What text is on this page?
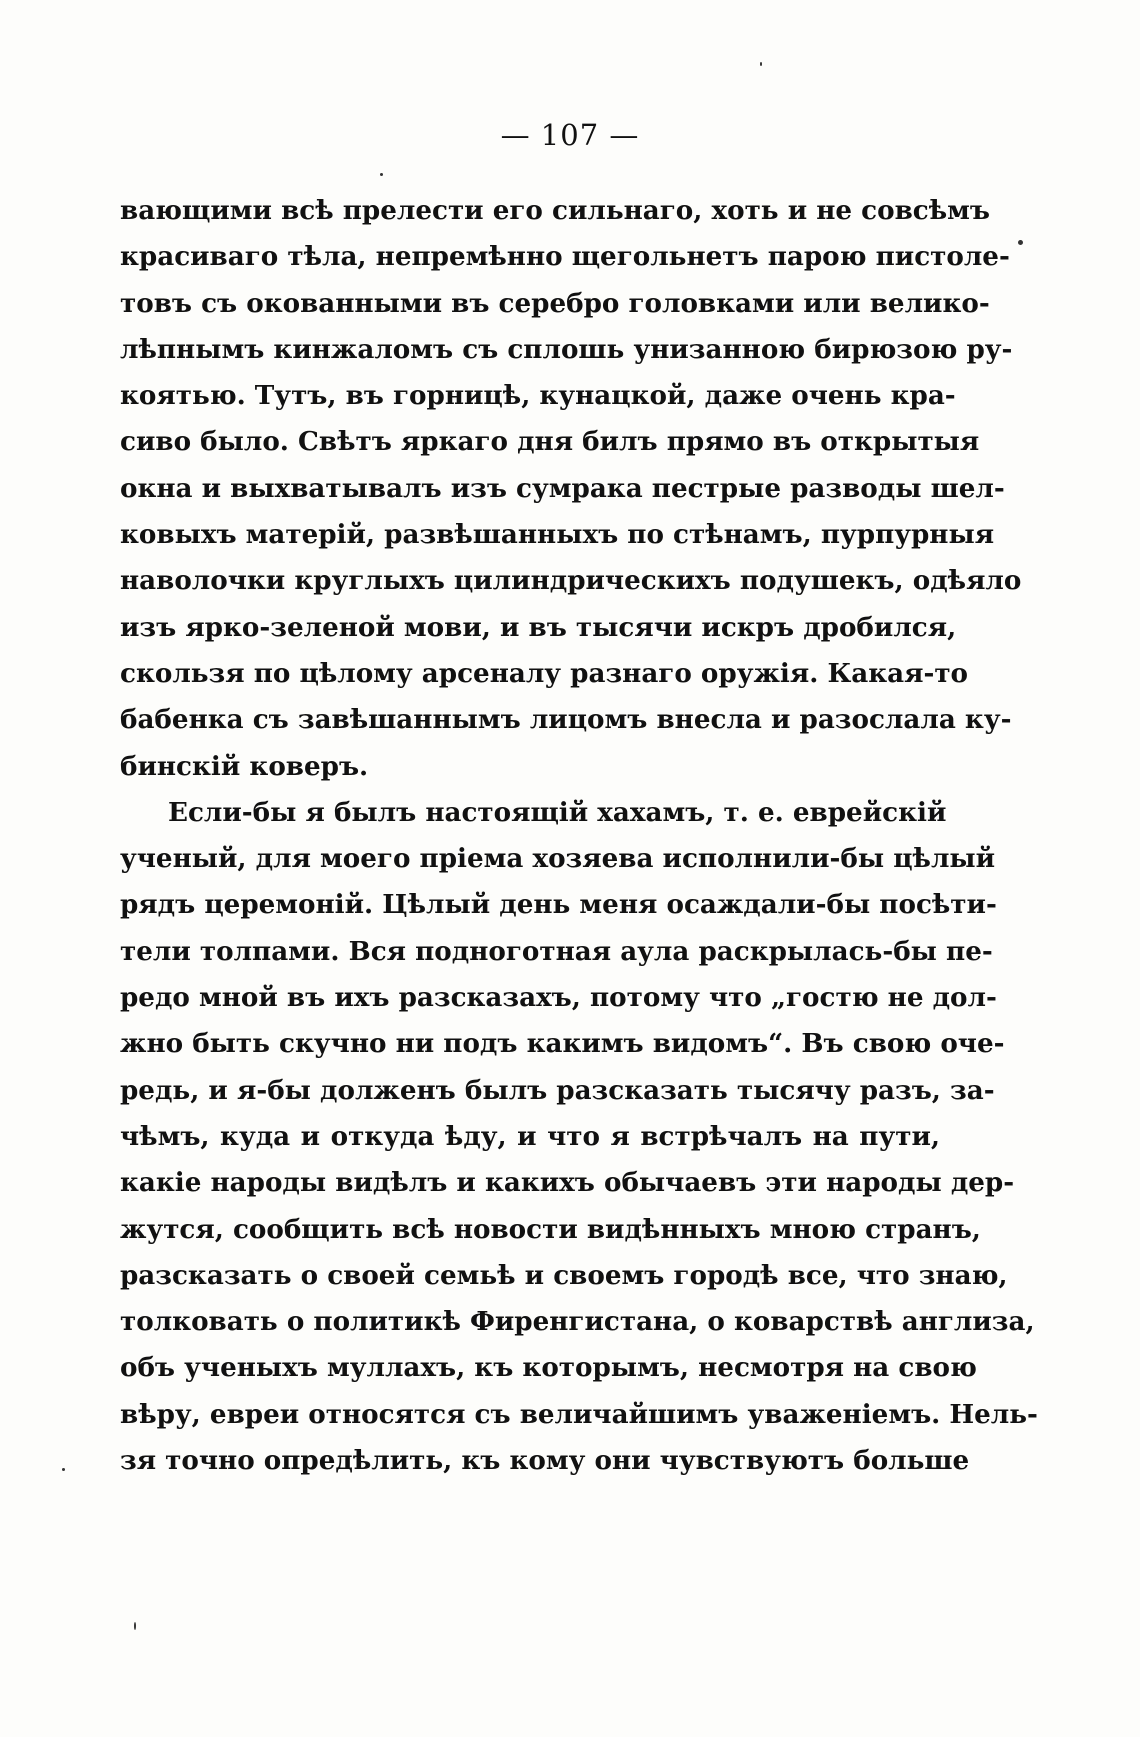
— 107 —
вающими всѣ прелести его сильнаго, хоть и не совсѣмъ
красиваго тѣла, непремѣнно щегольнетъ парою пистоле-
товъ съ окованными въ серебро головками или велико-
лѣпнымъ кинжаломъ съ сплошь унизанною бирюзою ру-
коятью. Тутъ, въ горницѣ, кунацкой, даже очень кра-
сиво было. Свѣтъ яркаго дня билъ прямо въ открытыя
окна и выхватывалъ изъ сумрака пестрые разводы шел-
ковыхъ матерій, развѣшанныхъ по стѣнамъ, пурпурныя
наволочки круглыхъ цилиндрическихъ подушекъ, одѣяло
изъ ярко-зеленой мови, и въ тысячи искръ дробился,
скользя по цѣлому арсеналу разнаго оружія. Какая-то
бабенка съ завѣшаннымъ лицомъ внесла и разослала ку-
бинскій коверъ.
Если-бы я былъ настоящій хахамъ, т. е. еврейскій
ученый, для моего пріема хозяева исполнили-бы цѣлый
рядъ церемоній. Цѣлый день меня осаждали-бы посѣти-
тели толпами. Вся подноготная аула раскрылась-бы пе-
редо мной въ ихъ разсказахъ, потому что „гостю не дол-
жно быть скучно ни подъ какимъ видомъ“. Въ свою оче-
редь, и я-бы долженъ былъ разсказать тысячу разъ, за-
чѣмъ, куда и откуда ѣду, и что я встрѣчалъ на пути,
какіе народы видѣлъ и какихъ обычаевъ эти народы дер-
жутся, сообщить всѣ новости видѣнныхъ мною странъ,
разсказать о своей семьѣ и своемъ городѣ все, что знаю,
толковать о политикѣ Фиренгистана, о коварствѣ англиза,
объ ученыхъ муллахъ, къ которымъ, несмотря на свою
вѣру, евреи относятся съ величайшимъ уваженіемъ. Нель-
зя точно опредѣлить, къ кому они чувствуютъ больше
